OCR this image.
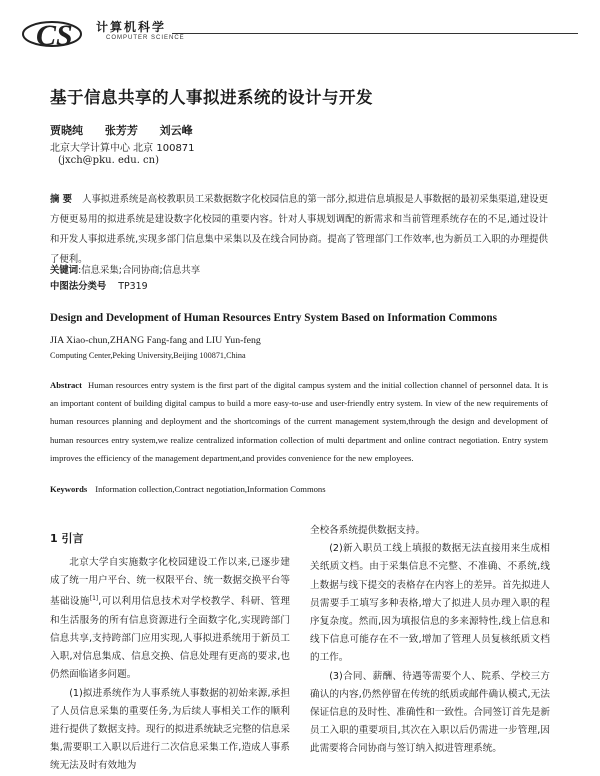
CS 计算机科学
COMPUTER SCIENCE
基于信息共享的人事拟进系统的设计与开发
贾晓纯 张芳芳 刘云峰
北京大学计算中心 北京 100871
(jxch@pku. edu. cn)
摘 要 人事拟进系统是高校教职员工采数据数字化校园信息的第一部分,拟进信息填报是人事数据的最初采集渠道,建设更方便更易用的拟进系统是建设数字化校园的重要内容。针对人事规划调配的新需求和当前管理系统存在的不足,通过设计和开发人事拟进系统,实现多部门信息集中采集以及在线合同协商。提高了管理部门工作效率,也为新员工入职的办理提供了便利。
关键词:信息采集;合同协商;信息共享
中图法分类号 TP319
Design and Development of Human Resources Entry System Based on Information Commons
JIA Xiao-chun,ZHANG Fang-fang and LIU Yun-feng
Computing Center,Peking University,Beijing 100871,China
Abstract Human resources entry system is the first part of the digital campus system and the initial collection channel of personnel data. It is an important content of building digital campus to build a more easy-to-use and user-friendly entry system. In view of the new requirements of human resources planning and deployment and the shortcomings of the current management system,through the design and development of human resources entry system,we realize centralized information collection of multi department and online contract negotiation. Entry system improves the efficiency of the management department,and provides convenience for the new employees.
Keywords Information collection,Contract negotiation,Information Commons
1 引言

北京大学自实施数字化校园建设工作以来,已逐步建成了统一用户平台、统一权限平台、统一数据交换平台等基础设施[1],可以利用信息技术对学校教学、科研、管理和生活服务的所有信息资源进行全面数字化,实现跨部门信息共享,支持跨部门应用实现,人事拟进系统用于新员工入职,对信息集成、信息交换、信息处理有更高的要求,也仍然面临诸多问题。

(1)拟进系统作为人事系统人事数据的初始来源,承担了人员信息采集的重要任务,为后续人事相关工作的顺利进行提供了数据支持。现行的拟进系统缺乏完整的信息采集,需要职工入职以后进行二次信息采集工作,造成人事系统无法及时有效地为

全校各系统提供数据支持。

(2)新入职员工线上填报的数据无法直接用来生成相关纸质文档。由于采集信息不完整、不准确、不系统,线上数据与线下提交的表格存在内容上的差异。首先拟进人员需要手工填写多种表格,增大了拟进人员办理入职的程序复杂度。然而,因为填报信息的多来源特性,线上信息和线下信息可能存在不一致,增加了管理人员复核纸质文档的工作。

(3)合同、薪酬、待遇等需要个人、院系、学校三方确认的内容,仍然停留在传统的纸质或邮件确认模式,无法保证信息的及时性、准确性和一致性。合同签订首先是新员工入职的重要项目,其次在入职以后仍需进一步管理,因此需要将合同协商与签订纳入拟进管理系统。
